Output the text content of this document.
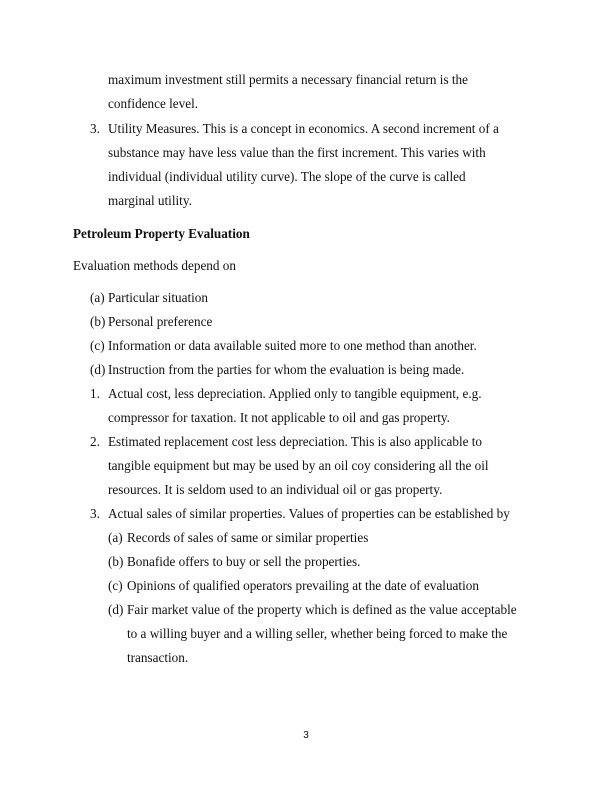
maximum investment still permits a necessary financial return is the
confidence level.
3. Utility Measures. This is a concept in economics. A second increment of a
substance may have less value than the first increment. This varies with
individual (individual utility curve). The slope of the curve is called
marginal utility.
Petroleum Property Evaluation
Evaluation methods depend on
(a) Particular situation
(b) Personal preference
(c) Information or data available suited more to one method than another.
(d) Instruction from the parties for whom the evaluation is being made.
1. Actual cost, less depreciation. Applied only to tangible equipment, e.g.
compressor for taxation. It not applicable to oil and gas property.
2. Estimated replacement cost less depreciation. This is also applicable to
tangible equipment but may be used by an oil coy considering all the oil
resources. It is seldom used to an individual oil or gas property.
3. Actual sales of similar properties. Values of properties can be established by
(a) Records of sales of same or similar properties
(b) Bonafide offers to buy or sell the properties.
(c) Opinions of qualified operators prevailing at the date of evaluation
(d) Fair market value of the property which is defined as the value acceptable
to a willing buyer and a willing seller, whether being forced to make the
transaction.
3
